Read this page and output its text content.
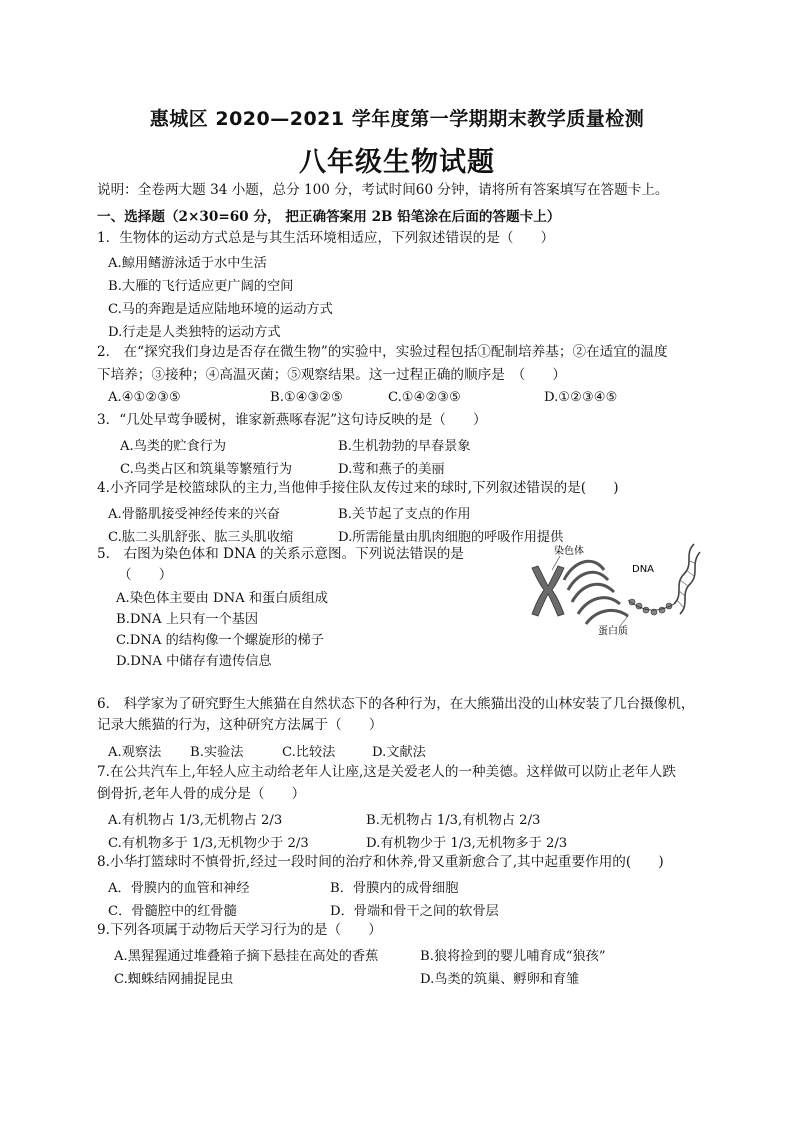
惠城区 2020—2021 学年度第一学期期末教学质量检测
八年级生物试题
说明：全卷两大题 34 小题，总分 100 分，考试时间60 分钟，请将所有答案填写在答题卡上。
一、选择题（2×30=60 分， 把正确答案用 2B 铅笔涂在后面的答题卡上）
1．生物体的运动方式总是与其生活环境相适应，下列叙述错误的是（　　）
A.鲸用鳍游泳适于水中生活
B.大雁的飞行适应更广阔的空间
C.马的奔跑是适应陆地环境的运动方式
D.行走是人类独特的运动方式
2． 在“探究我们身边是否存在微生物”的实验中，实验过程包括①配制培养基；②在适宜的温度
下培养；③接种；④高温灭菌；⑤观察结果。这一过程正确的顺序是　（　　）
A.④①②③⑤	B.①④③②⑤	C.①④②③⑤	D.①②③④⑤
3．“几处早莺争暖树，谁家新燕啄春泥”这句诗反映的是（　　）
A.鸟类的贮食行为	B.生机勃勃的早春景象
C.鸟类占区和筑巢等繁殖行为	D.莺和燕子的美丽
4.小齐同学是校篮球队的主力,当他伸手接住队友传过来的球时,下列叙述错误的是(　　)
A.骨骼肌接受神经传来的兴奋	B.关节起了支点的作用
C.肱二头肌舒张、肱三头肌收缩	D.所需能量由肌肉细胞的呼吸作用提供
5． 右图为染色体和 DNA 的关系示意图。下列说法错误的是
（　　）
A.染色体主要由 DNA 和蛋白质组成
B.DNA 上只有一个基因
C.DNA 的结构像一个螺旋形的梯子
D.DNA 中储存有遗传信息
染色体
DNA
蛋白质
6． 科学家为了研究野生大熊猫在自然状态下的各种行为，在大熊猫出没的山林安装了几台摄像机，
记录大熊猫的行为，这种研究方法属于（　　）
A.观察法 B.实验法	C.比较法	D.文献法
7.在公共汽车上,年轻人应主动给老年人让座,这是关爱老人的一种美德。这样做可以防止老年人跌
倒骨折,老年人骨的成分是（　　）
A.有机物占 1/3,无机物占 2/3	B.无机物占 1/3,有机物占 2/3
C.有机物多于 1/3,无机物少于 2/3	D.有机物少于 1/3,无机物多于 2/3
8.小华打篮球时不慎骨折,经过一段时间的治疗和休养,骨又重新愈合了,其中起重要作用的(　　)
A．骨膜内的血管和神经	B．骨膜内的成骨细胞
C．骨髓腔中的红骨髓	D．骨端和骨干之间的软骨层
9.下列各项属于动物后天学习行为的是（　　）
A.黑猩猩通过堆叠箱子摘下悬挂在高处的香蕉	B.狼将捡到的婴儿哺育成“狼孩”
C.蜘蛛结网捕捉昆虫	D.鸟类的筑巢、孵卵和育雏
